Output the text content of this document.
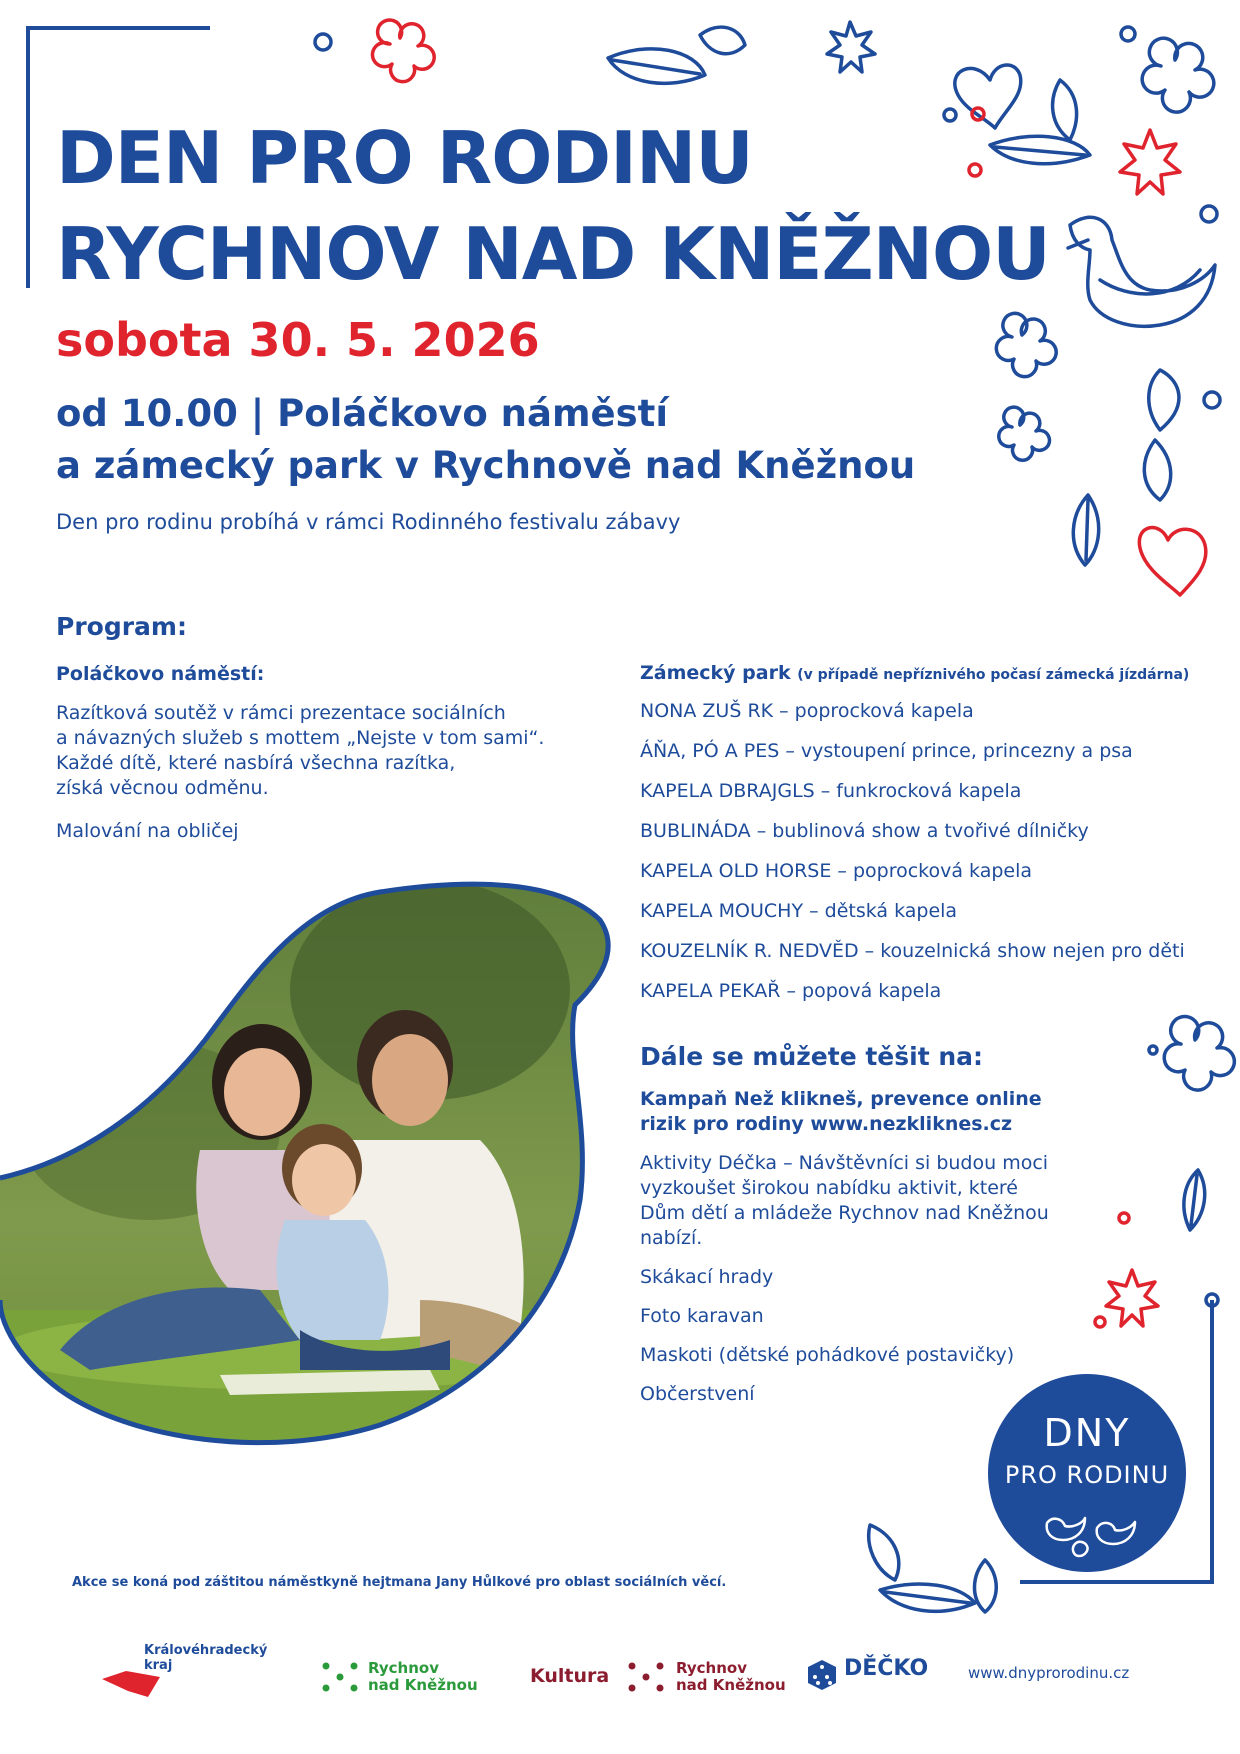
DEN PRO RODINU
RYCHNOV NAD KNĚŽNOU
sobota 30. 5. 2026
od 10.00 | Poláčkovo náměstí
a zámecký park v Rychnově nad Kněžnou
Den pro rodinu probíhá v rámci Rodinného festivalu zábavy
Program:
Poláčkovo náměstí:
Razítková soutěž v rámci prezentace sociálních
a návazných služeb s mottem „Nejste v tom sami“.
Každé dítě, které nasbírá všechna razítka,
získá věcnou odměnu.
Malování na obličej
Zámecký park (v případě nepříznivého počasí zámecká jízdárna)
NONA ZUŠ RK – poprocková kapela
ÁŇA, PÓ A PES – vystoupení prince, princezny a psa
KAPELA DBRAJGLS – funkrocková kapela
BUBLINÁDA – bublinová show a tvořivé dílničky
KAPELA OLD HORSE – poprocková kapela
KAPELA MOUCHY – dětská kapela
KOUZELNÍK R. NEDVĚD – kouzelnická show nejen pro děti
KAPELA PEKAŘ – popová kapela
Dále se můžete těšit na:
Kampaň Než klikneš, prevence online
rizik pro rodiny www.nezkliknes.cz
Aktivity Déčka – Návštěvníci si budou moci
vyzkoušet širokou nabídku aktivit, které
Dům dětí a mládeže Rychnov nad Kněžnou nabízí.
Skákací hrady
Foto karavan
Maskoti (dětské pohádkové postavičky)
Občerstvení
DNY
PRO RODINU
Akce se koná pod záštitou náměstkyně hejtmana Jany Hůlkové pro oblast sociálních věcí.
Královéhradecký
kraj	Rychnov
nad Kněžnou	Kultura	Rychnov
nad Kněžnou
DĚČKO	www.dnyprorodinu.cz
